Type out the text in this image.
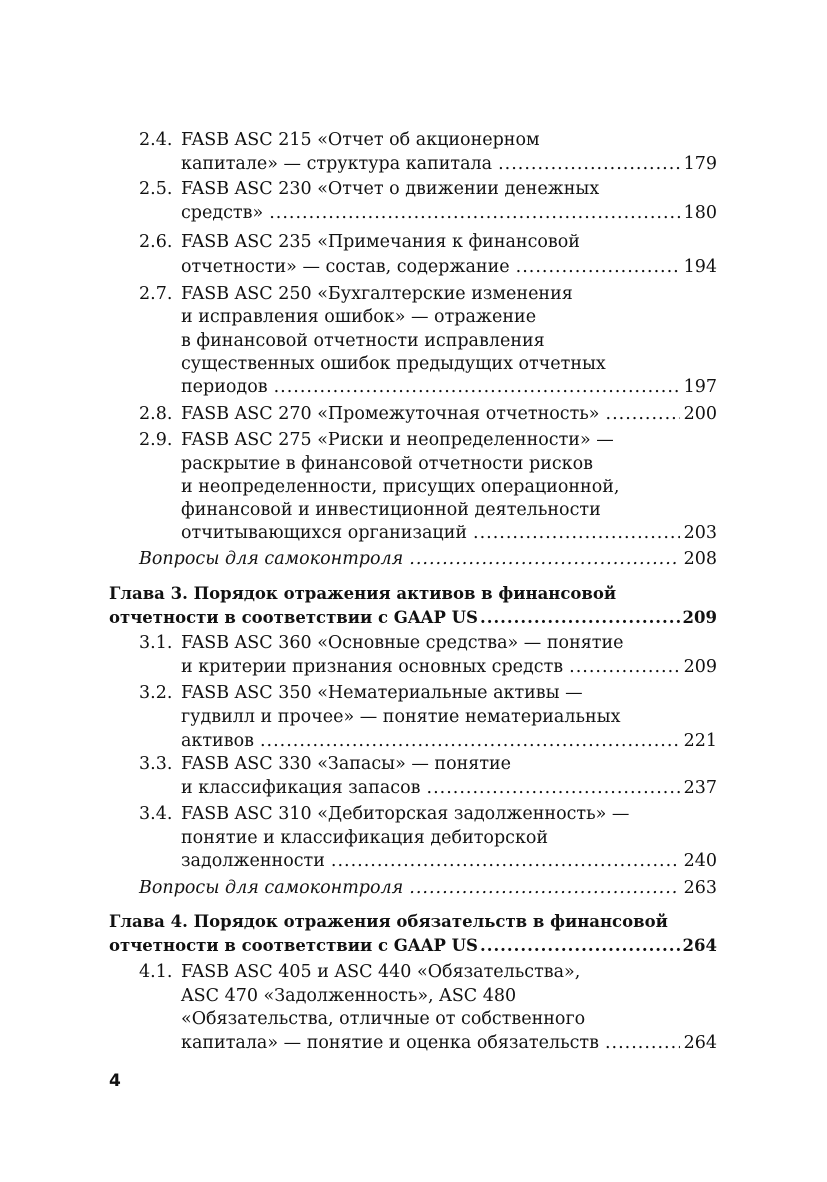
2.4. FASB ASC 215 «Отчет об акционерном
капитале» — структура капитала .....	179
2.5. FASB ASC 230 «Отчет о движении денежных
средств» .....	180
2.6. FASB ASC 235 «Примечания к финансовой
отчетности» — состав, содержание .....	194
2.7. FASB ASC 250 «Бухгалтерские изменения
и исправления ошибок» — отражение
в финансовой отчетности исправления
существенных ошибок предыдущих отчетных
периодов .....	197
2.8. FASB ASC 270 «Промежуточная отчетность» .....	200
2.9. FASB ASC 275 «Риски и неопределенности» —
раскрытие в финансовой отчетности рисков
и неопределенности, присущих операционной,
финансовой и инвестиционной деятельности
отчитывающихся организаций .....	203
Вопросы для самоконтроля .....	208
Глава 3. Порядок отражения активов в финансовой
отчетности в соответствии с GAAP US .....	209
3.1. FASB ASC 360 «Основные средства» — понятие
и критерии признания основных средств .....	209
3.2. FASB ASC 350 «Нематериальные активы —
гудвилл и прочее» — понятие нематериальных
активов .....	221
3.3. FASB ASC 330 «Запасы» — понятие
и классификация запасов .....	237
3.4. FASB ASC 310 «Дебиторская задолженность» —
понятие и классификация дебиторской
задолженности .....	240
Вопросы для самоконтроля .....	263
Глава 4. Порядок отражения обязательств в финансовой
отчетности в соответствии с GAAP US .....	264
4.1. FASB ASC 405 и ASC 440 «Обязательства»,
ASC 470 «Задолженность», ASC 480
«Обязательства, отличные от собственного
капитала» — понятие и оценка обязательств .....	264
4
